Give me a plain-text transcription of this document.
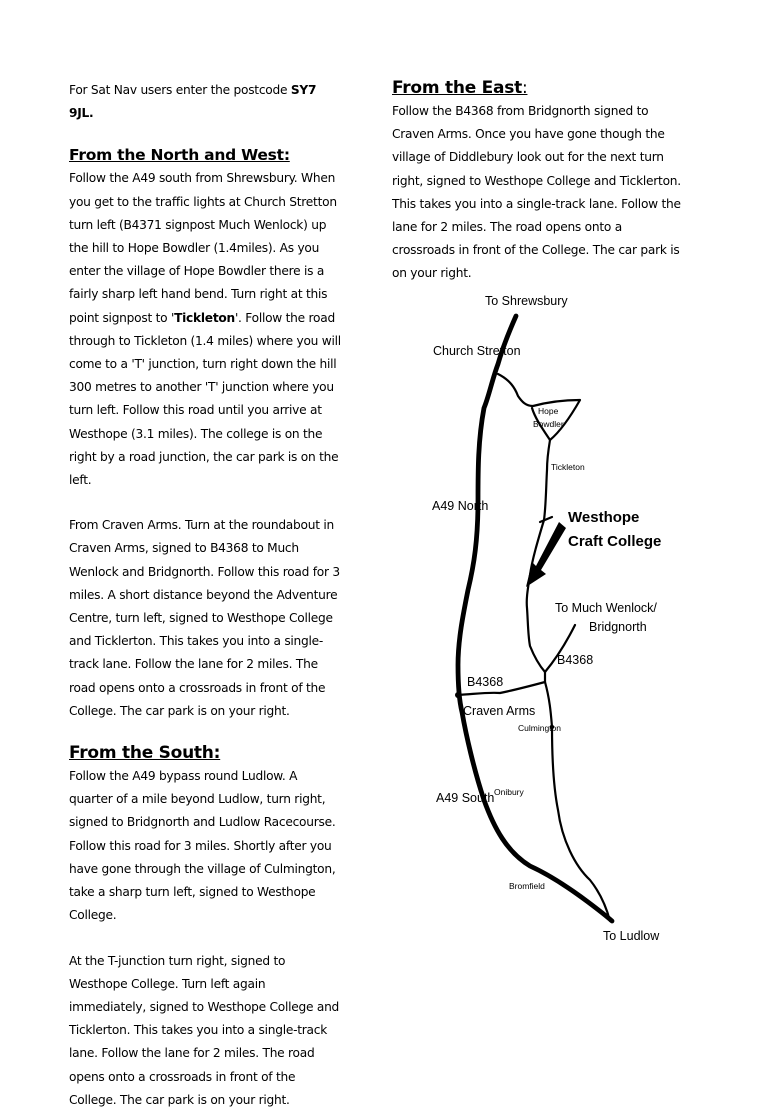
For Sat Nav users enter the postcode SY7 9JL.

From the North and West:

Follow the A49 south from Shrewsbury. When you get to the traffic lights at Church Stretton turn left (B4371 signpost Much Wenlock) up the hill to Hope Bowdler (1.4miles). As you enter the village of Hope Bowdler there is a fairly sharp left hand bend. Turn right at this point signpost to 'Tickleton'. Follow the road through to Tickleton (1.4 miles) where you will come to a 'T' junction, turn right down the hill 300 metres to another 'T' junction where you turn left. Follow this road until you arrive at Westhope (3.1 miles). The college is on the right by a road junction, the car park is on the left.

From Craven Arms. Turn at the roundabout in Craven Arms, signed to B4368 to Much Wenlock and Bridgnorth. Follow this road for 3 miles. A short distance beyond the Adventure Centre, turn left, signed to Westhope College and Ticklerton. This takes you into a single-track lane. Follow the lane for 2 miles. The road opens onto a crossroads in front of the College. The car park is on your right.

From the South:

Follow the A49 bypass round Ludlow. A quarter of a mile beyond Ludlow, turn right, signed to Bridgnorth and Ludlow Racecourse. Follow this road for 3 miles. Shortly after you have gone through the village of Culmington, take a sharp turn left, signed to Westhope College.

At the T-junction turn right, signed to Westhope College. Turn left again immediately, signed to Westhope College and Ticklerton. This takes you into a single-track lane. Follow the lane for 2 miles. The road opens onto a crossroads in front of the College. The car park is on your right.

From the East:

Follow the B4368 from Bridgnorth signed to Craven Arms. Once you have gone though the village of Diddlebury look out for the next turn right, signed to Westhope College and Ticklerton. This takes you into a single-track lane. Follow the lane for 2 miles. The road opens onto a crossroads in front of the College. The car park is on your right.

To Shrewsbury
Church Stretton
Hope
Bowdler
Tickleton
A49 North
Westhope
Craft College
To Much Wenlock/
Bridgnorth
B4368
B4368
Craven Arms
Culmington
A49 South Onibury
Bromfield
To Ludlow
